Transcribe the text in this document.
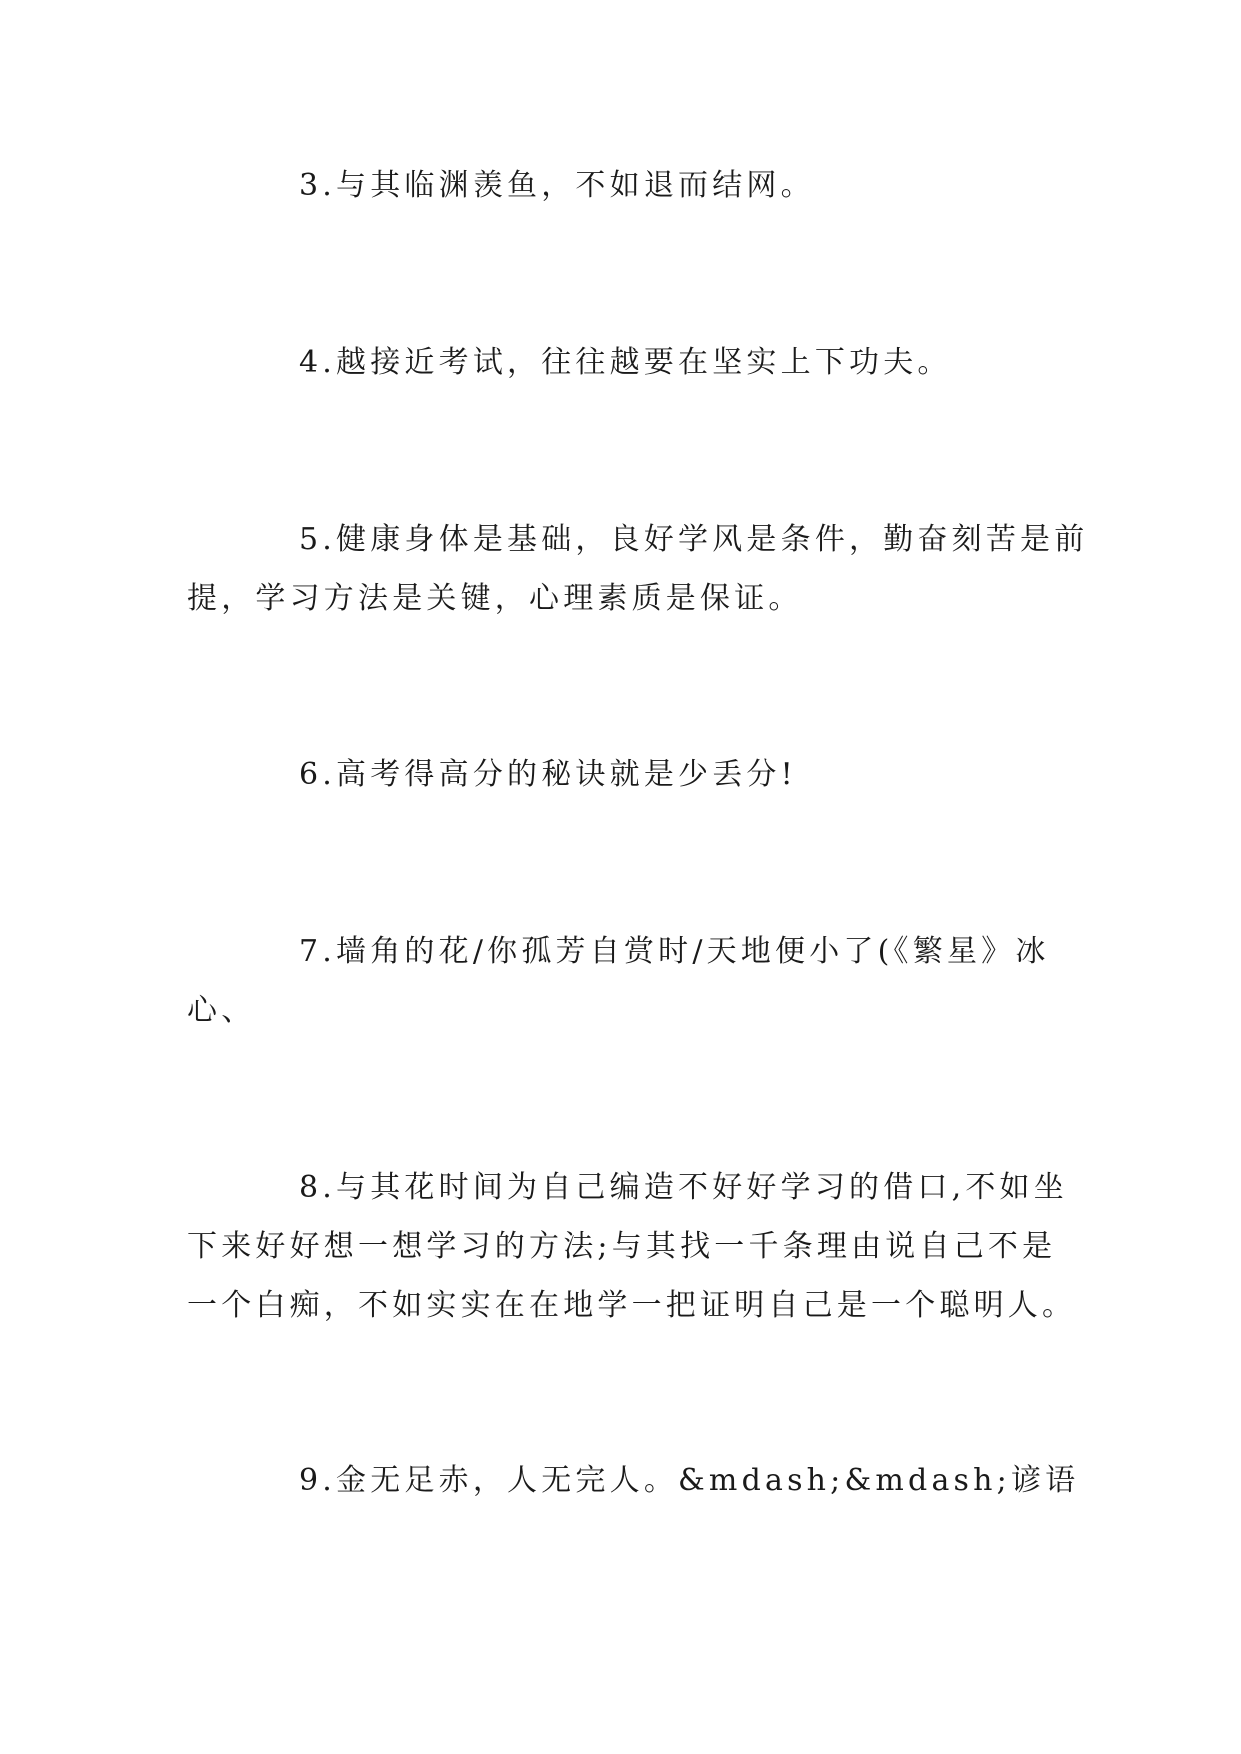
3.与其临渊羡鱼，不如退而结网。
4.越接近考试，往往越要在坚实上下功夫。
5.健康身体是基础，良好学风是条件，勤奋刻苦是前
提，学习方法是关键，心理素质是保证。
6.高考得高分的秘诀就是少丢分!
7.墙角的花/你孤芳自赏时/天地便小了(《繁星》冰
心、
8.与其花时间为自己编造不好好学习的借口,不如坐
下来好好想一想学习的方法;与其找一千条理由说自己不是
一个白痴，不如实实在在地学一把证明自己是一个聪明人。
9.金无足赤，人无完人。&mdash;&mdash;谚语
